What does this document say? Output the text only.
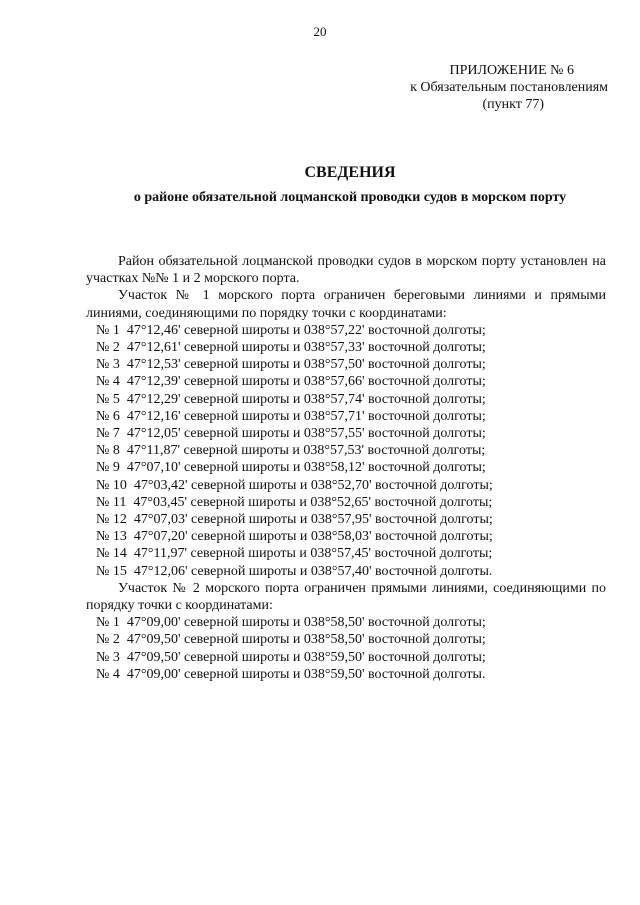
20
ПРИЛОЖЕНИЕ № 6
к Обязательным постановлениям
(пункт 77)
СВЕДЕНИЯ
о районе обязательной лоцманской проводки судов в морском порту

Район обязательной лоцманской проводки судов в морском порту установлен на участках №№ 1 и 2 морского порта.

Участок № 1 морского порта ограничен береговыми линиями и прямыми линиями, соединяющими по порядку точки с координатами:

№ 1 47°12,46' северной широты и 038°57,22' восточной долготы;
№ 2 47°12,61' северной широты и 038°57,33' восточной долготы;
№ 3 47°12,53' северной широты и 038°57,50' восточной долготы;
№ 4 47°12,39' северной широты и 038°57,66' восточной долготы;
№ 5 47°12,29' северной широты и 038°57,74' восточной долготы;
№ 6 47°12,16' северной широты и 038°57,71' восточной долготы;
№ 7 47°12,05' северной широты и 038°57,55' восточной долготы;
№ 8 47°11,87' северной широты и 038°57,53' восточной долготы;
№ 9 47°07,10' северной широты и 038°58,12' восточной долготы;
№ 10 47°03,42' северной широты и 038°52,70' восточной долготы;
№ 11 47°03,45' северной широты и 038°52,65' восточной долготы;
№ 12 47°07,03' северной широты и 038°57,95' восточной долготы;
№ 13 47°07,20' северной широты и 038°58,03' восточной долготы;
№ 14 47°11,97' северной широты и 038°57,45' восточной долготы;
№ 15 47°12,06' северной широты и 038°57,40' восточной долготы.

Участок № 2 морского порта ограничен прямыми линиями, соединяющими по порядку точки с координатами:

№ 1 47°09,00' северной широты и 038°58,50' восточной долготы;
№ 2 47°09,50' северной широты и 038°58,50' восточной долготы;
№ 3 47°09,50' северной широты и 038°59,50' восточной долготы;
№ 4 47°09,00' северной широты и 038°59,50' восточной долготы.
